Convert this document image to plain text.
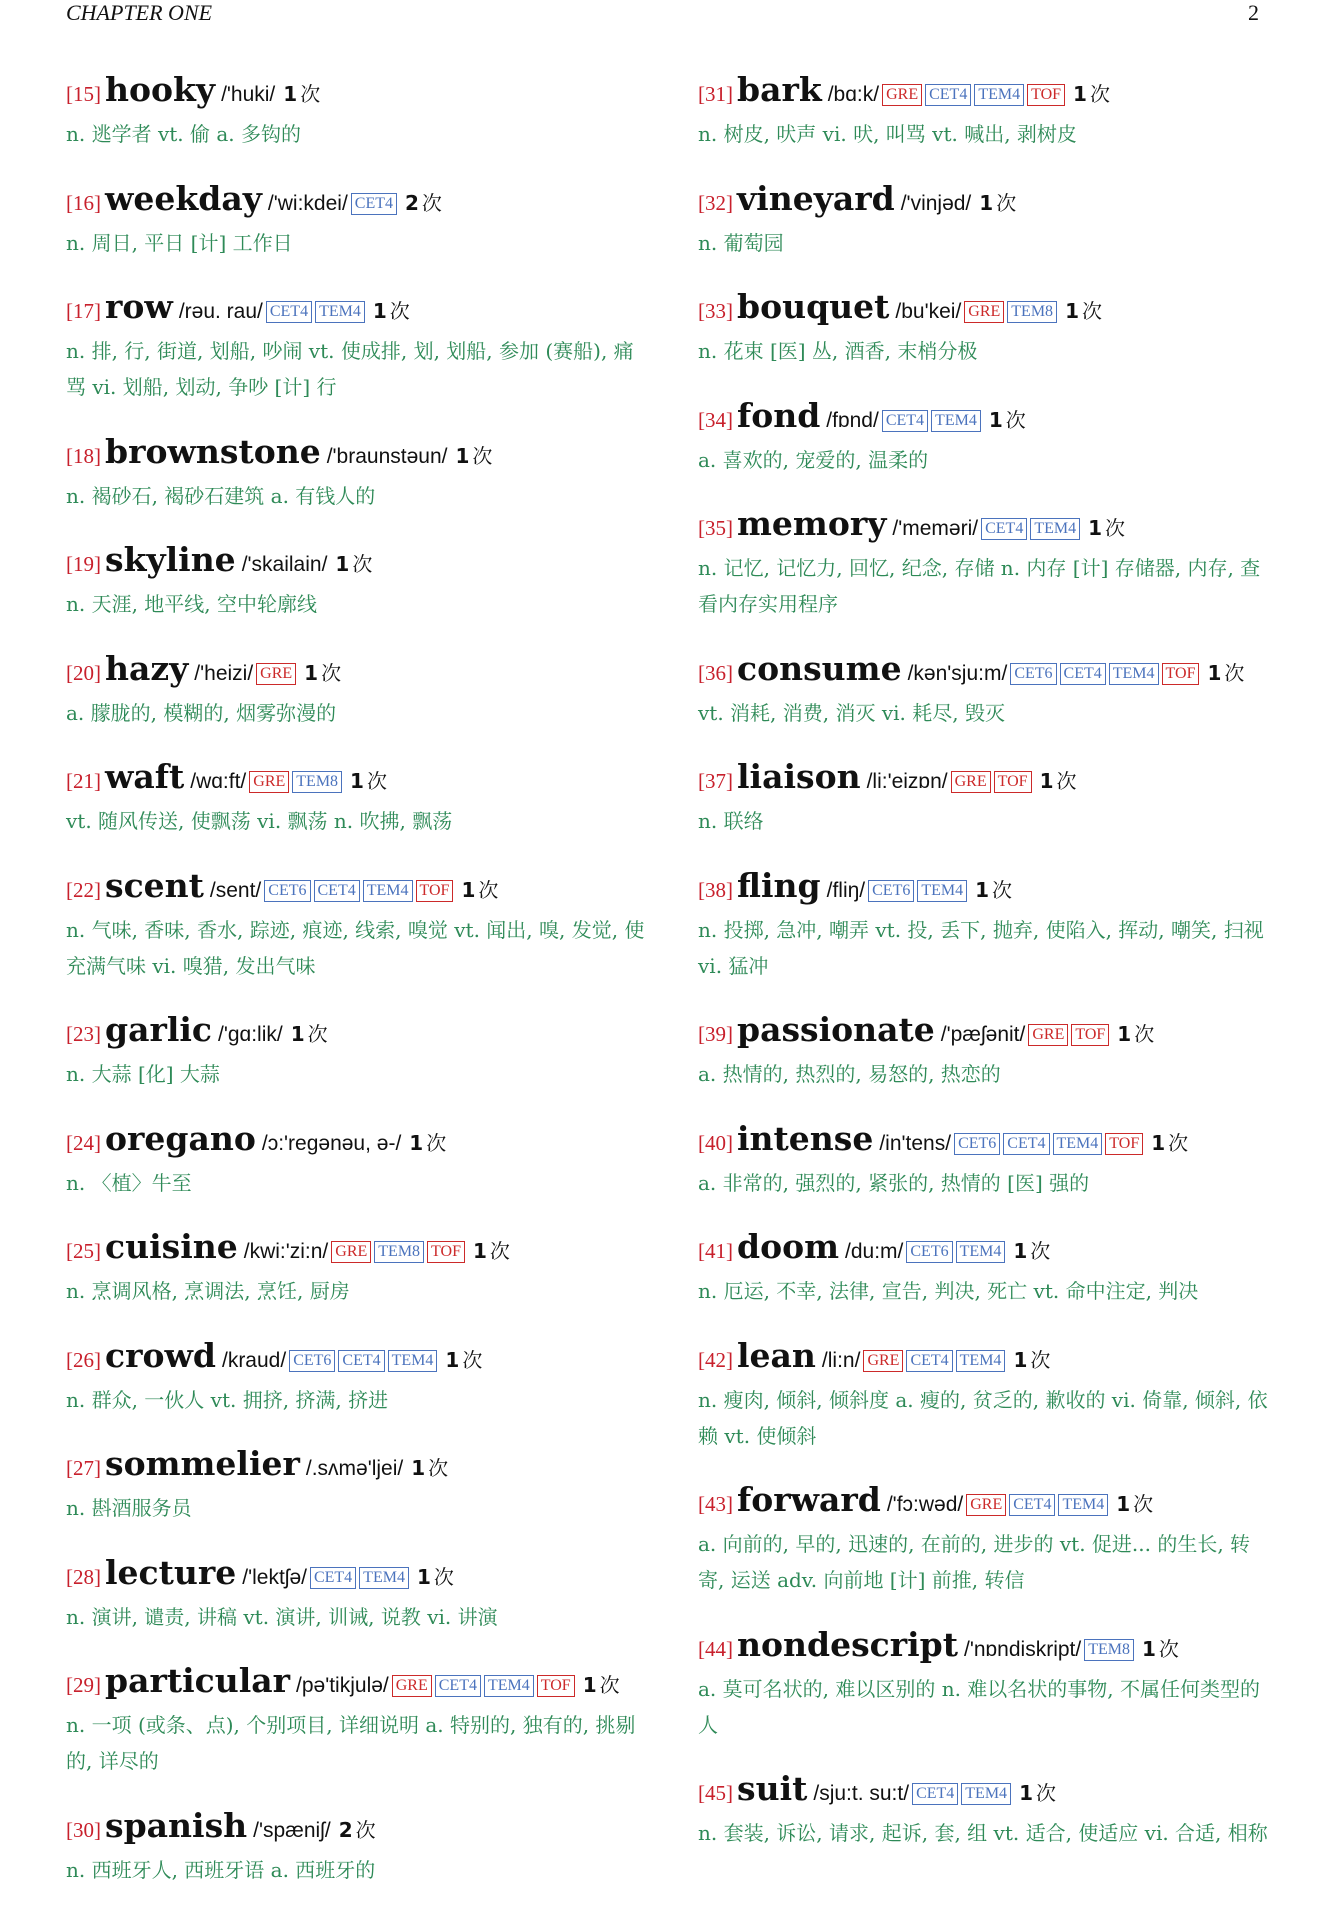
CHAPTER ONE	2
[15] hooky /'huki/ 1 次
n. 逃学者 vt. 偷 a. 多钩的
[16] weekday /'wi:kdei/ CET4 2 次
n. 周日, 平日 [计] 工作日
[17] row /rəu. rau/ CET4 TEM4 1 次
n. 排, 行, 街道, 划船, 吵闹 vt. 使成排, 划, 划船, 参加 (赛船), 痛骂 vi. 划船, 划动, 争吵 [计] 行
[18] brownstone /'braunstəun/ 1 次
n. 褐砂石, 褐砂石建筑 a. 有钱人的
[19] skyline /'skailain/ 1 次
n. 天涯, 地平线, 空中轮廓线
[20] hazy /'heizi/ GRE 1 次
a. 朦胧的, 模糊的, 烟雾弥漫的
[21] waft /wɑ:ft/ GRE TEM8 1 次
vt. 随风传送, 使飘荡 vi. 飘荡 n. 吹拂, 飘荡
[22] scent /sent/ CET6 CET4 TEM4 TOF 1 次
n. 气味, 香味, 香水, 踪迹, 痕迹, 线索, 嗅觉 vt. 闻出, 嗅, 发觉, 使充满气味 vi. 嗅猎, 发出气味
[23] garlic /'gɑ:lik/ 1 次
n. 大蒜 [化] 大蒜
[24] oregano /ɔ:'regənəu, ə-/ 1 次
n. 〈植〉牛至
[25] cuisine /kwi:'zi:n/ GRE TEM8 TOF 1 次
n. 烹调风格, 烹调法, 烹饪, 厨房
[26] crowd /kraud/ CET6 CET4 TEM4 1 次
n. 群众, 一伙人 vt. 拥挤, 挤满, 挤进
[27] sommelier /.sʌmə'ljei/ 1 次
n. 斟酒服务员
[28] lecture /'lektʃə/ CET4 TEM4 1 次
n. 演讲, 谴责, 讲稿 vt. 演讲, 训诫, 说教 vi. 讲演
[29] particular /pə'tikjulə/ GRE CET4 TEM4 TOF 1 次
n. 一项 (或条、点), 个别项目, 详细说明 a. 特别的, 独有的, 挑剔的, 详尽的
[30] spanish /'spæniʃ/ 2 次
n. 西班牙人, 西班牙语 a. 西班牙的
[31] bark /bɑ:k/ GRE CET4 TEM4 TOF 1 次
n. 树皮, 吠声 vi. 吠, 叫骂 vt. 喊出, 剥树皮
[32] vineyard /'vinjəd/ 1 次
n. 葡萄园
[33] bouquet /bu'kei/ GRE TEM8 1 次
n. 花束 [医] 丛, 酒香, 末梢分极
[34] fond /fɒnd/ CET4 TEM4 1 次
a. 喜欢的, 宠爱的, 温柔的
[35] memory /'meməri/ CET4 TEM4 1 次
n. 记忆, 记忆力, 回忆, 纪念, 存储 n. 内存 [计] 存储器, 内存, 查看内存实用程序
[36] consume /kən'sju:m/ CET6 CET4 TEM4 TOF 1 次
vt. 消耗, 消费, 消灭 vi. 耗尽, 毁灭
[37] liaison /li:'eizɒn/ GRE TOF 1 次
n. 联络
[38] fling /fliŋ/ CET6 TEM4 1 次
n. 投掷, 急冲, 嘲弄 vt. 投, 丢下, 抛弃, 使陷入, 挥动, 嘲笑, 扫视 vi. 猛冲
[39] passionate /'pæʃənit/ GRE TOF 1 次
a. 热情的, 热烈的, 易怒的, 热恋的
[40] intense /in'tens/ CET6 CET4 TEM4 TOF 1 次
a. 非常的, 强烈的, 紧张的, 热情的 [医] 强的
[41] doom /du:m/ CET6 TEM4 1 次
n. 厄运, 不幸, 法律, 宣告, 判决, 死亡 vt. 命中注定, 判决
[42] lean /li:n/ GRE CET4 TEM4 1 次
n. 瘦肉, 倾斜, 倾斜度 a. 瘦的, 贫乏的, 歉收的 vi. 倚靠, 倾斜, 依赖 vt. 使倾斜
[43] forward /'fɔ:wəd/ GRE CET4 TEM4 1 次
a. 向前的, 早的, 迅速的, 在前的, 进步的 vt. 促进... 的生长, 转寄, 运送 adv. 向前地 [计] 前推, 转信
[44] nondescript /'nɒndiskript/ TEM8 1 次
a. 莫可名状的, 难以区别的 n. 难以名状的事物, 不属任何类型的人
[45] suit /sju:t. su:t/ CET4 TEM4 1 次
n. 套装, 诉讼, 请求, 起诉, 套, 组 vt. 适合, 使适应 vi. 合适, 相称
